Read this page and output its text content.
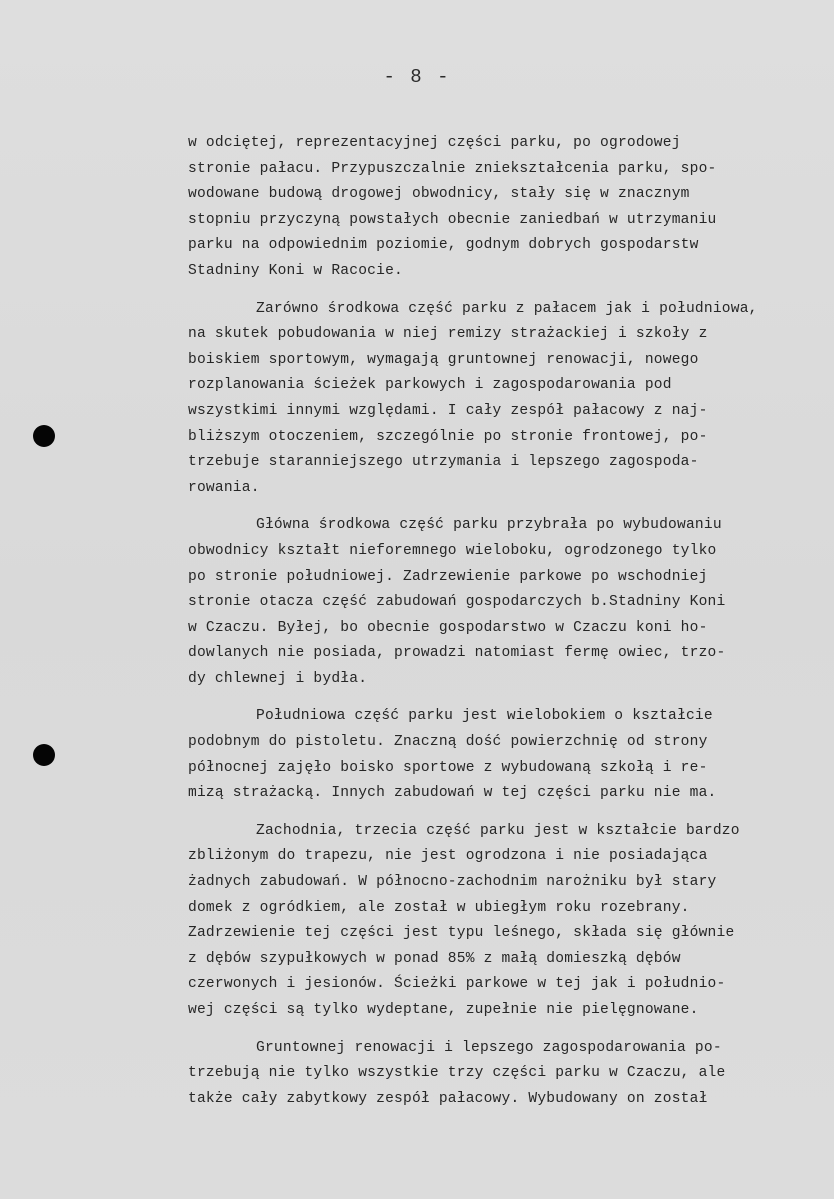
- 8 -

w odciętej, reprezentacyjnej części parku, po ogrodowej
stronie pałacu. Przypuszczalnie zniekształcenia parku, spo-
wodowane budową drogowej obwodnicy, stały się w znacznym
stopniu przyczyną powstałych obecnie zaniedbań w utrzymaniu
parku na odpowiednim poziomie, godnym dobrych gospodarstw
Stadniny Koni w Racocie.

Zarówno środkowa część parku z pałacem jak i południowa,
na skutek pobudowania w niej remizy strażackiej i szkoły z
boiskiem sportowym, wymagają gruntownej renowacji, nowego
rozplanowania ścieżek parkowych i zagospodarowania pod
wszystkimi innymi względami. I cały zespół pałacowy z naj-
bliższym otoczeniem, szczególnie po stronie frontowej, po-
trzebuje staranniejszego utrzymania i lepszego zagospoda-
rowania.

Główna środkowa część parku przybrała po wybudowaniu
obwodnicy kształt nieforemnego wieloboku, ogrodzonego tylko
po stronie południowej. Zadrzewienie parkowe po wschodniej
stronie otacza część zabudowań gospodarczych b.Stadniny Koni
w Czaczu. Byłej, bo obecnie gospodarstwo w Czaczu koni ho-
dowlanych nie posiada, prowadzi natomiast fermę owiec, trzo-
dy chlewnej i bydła.

Południowa część parku jest wielobokiem o kształcie
podobnym do pistoletu. Znaczną dość powierzchnię od strony
północnej zajęło boisko sportowe z wybudowaną szkołą i re-
mizą strażacką. Innych zabudowań w tej części parku nie ma.

Zachodnia, trzecia część parku jest w kształcie bardzo
zbliżonym do trapezu, nie jest ogrodzona i nie posiadająca
żadnych zabudowań. W północno-zachodnim narożniku był stary
domek z ogródkiem, ale został w ubiegłym roku rozebrany.
Zadrzewienie tej części jest typu leśnego, składa się głównie
z dębów szypułkowych w ponad 85% z małą domieszką dębów
czerwonych i jesionów. Ścieżki parkowe w tej jak i południo-
wej części są tylko wydeptane, zupełnie nie pielęgnowane.

Gruntownej renowacji i lepszego zagospodarowania po-
trzebują nie tylko wszystkie trzy części parku w Czaczu, ale
także cały zabytkowy zespół pałacowy. Wybudowany on został
